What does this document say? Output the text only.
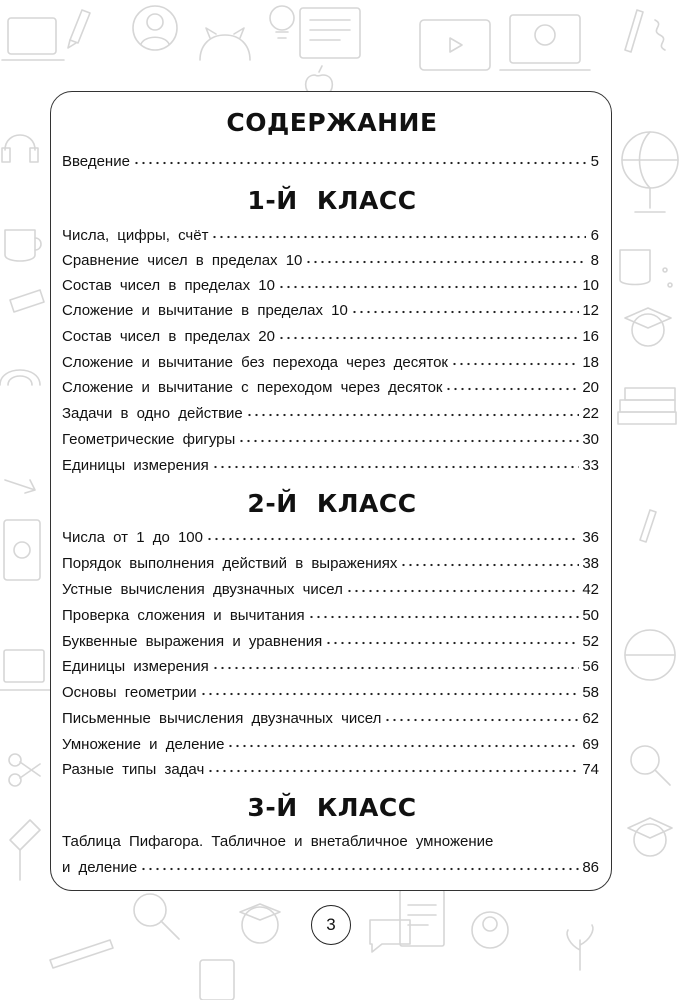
СОДЕРЖАНИЕ
Введение	5
1-Й КЛАСС
Числа, цифры, счёт	6
Сравнение чисел в пределах 10	8
Состав чисел в пределах 10	10
Сложение и вычитание в пределах 10	12
Состав чисел в пределах 20	16
Сложение и вычитание без перехода через десяток	18
Сложение и вычитание с переходом через десяток	20
Задачи в одно действие	22
Геометрические фигуры	30
Единицы измерения	33
2-Й КЛАСС
Числа от 1 до 100	36
Порядок выполнения действий в выражениях	38
Устные вычисления двузначных чисел	42
Проверка сложения и вычитания	50
Буквенные выражения и уравнения	52
Единицы измерения	56
Основы геометрии	58
Письменные вычисления двузначных чисел	62
Умножение и деление	69
Разные типы задач	74
3-Й КЛАСС
Таблица Пифагора. Табличное и внетабличное умножение
и деление	86
3
